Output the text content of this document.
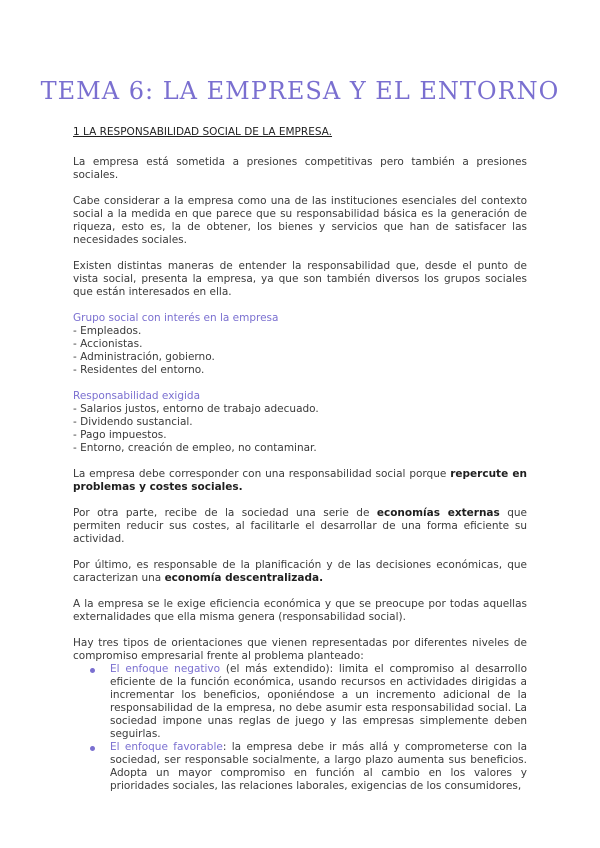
TEMA 6: LA EMPRESA Y EL ENTORNO
1 LA RESPONSABILIDAD SOCIAL DE LA EMPRESA.

La empresa está sometida a presiones competitivas pero también a presiones sociales.

Cabe considerar a la empresa como una de las instituciones esenciales del contexto social a la medida en que parece que su responsabilidad básica es la generación de riqueza, esto es, la de obtener, los bienes y servicios que han de satisfacer las necesidades sociales.

Existen distintas maneras de entender la responsabilidad que, desde el punto de vista social, presenta la empresa, ya que son también diversos los grupos sociales que están interesados en ella.

Grupo social con interés en la empresa
- Empleados.
- Accionistas.
- Administración, gobierno.
- Residentes del entorno.
Responsabilidad exigida
- Salarios justos, entorno de trabajo adecuado.
- Dividendo sustancial.
- Pago impuestos.
- Entorno, creación de empleo, no contaminar.

La empresa debe corresponder con una responsabilidad social porque repercute en problemas y costes sociales.

Por otra parte, recibe de la sociedad una serie de economías externas que permiten reducir sus costes, al facilitarle el desarrollar de una forma eficiente su actividad.

Por último, es responsable de la planificación y de las decisiones económicas, que caracterizan una economía descentralizada.

A la empresa se le exige eficiencia económica y que se preocupe por todas aquellas externalidades que ella misma genera (responsabilidad social).

Hay tres tipos de orientaciones que vienen representadas por diferentes niveles de compromiso empresarial frente al problema planteado:

El enfoque negativo (el más extendido): limita el compromiso al desarrollo eficiente de la función económica, usando recursos en actividades dirigidas a incrementar los beneficios, oponiéndose a un incremento adicional de la responsabilidad de la empresa, no debe asumir esta responsabilidad social. La sociedad impone unas reglas de juego y las empresas simplemente deben seguirlas.
El enfoque favorable: la empresa debe ir más allá y comprometerse con la sociedad, ser responsable socialmente, a largo plazo aumenta sus beneficios. Adopta un mayor compromiso en función al cambio en los valores y prioridades sociales, las relaciones laborales, exigencias de los consumidores,
